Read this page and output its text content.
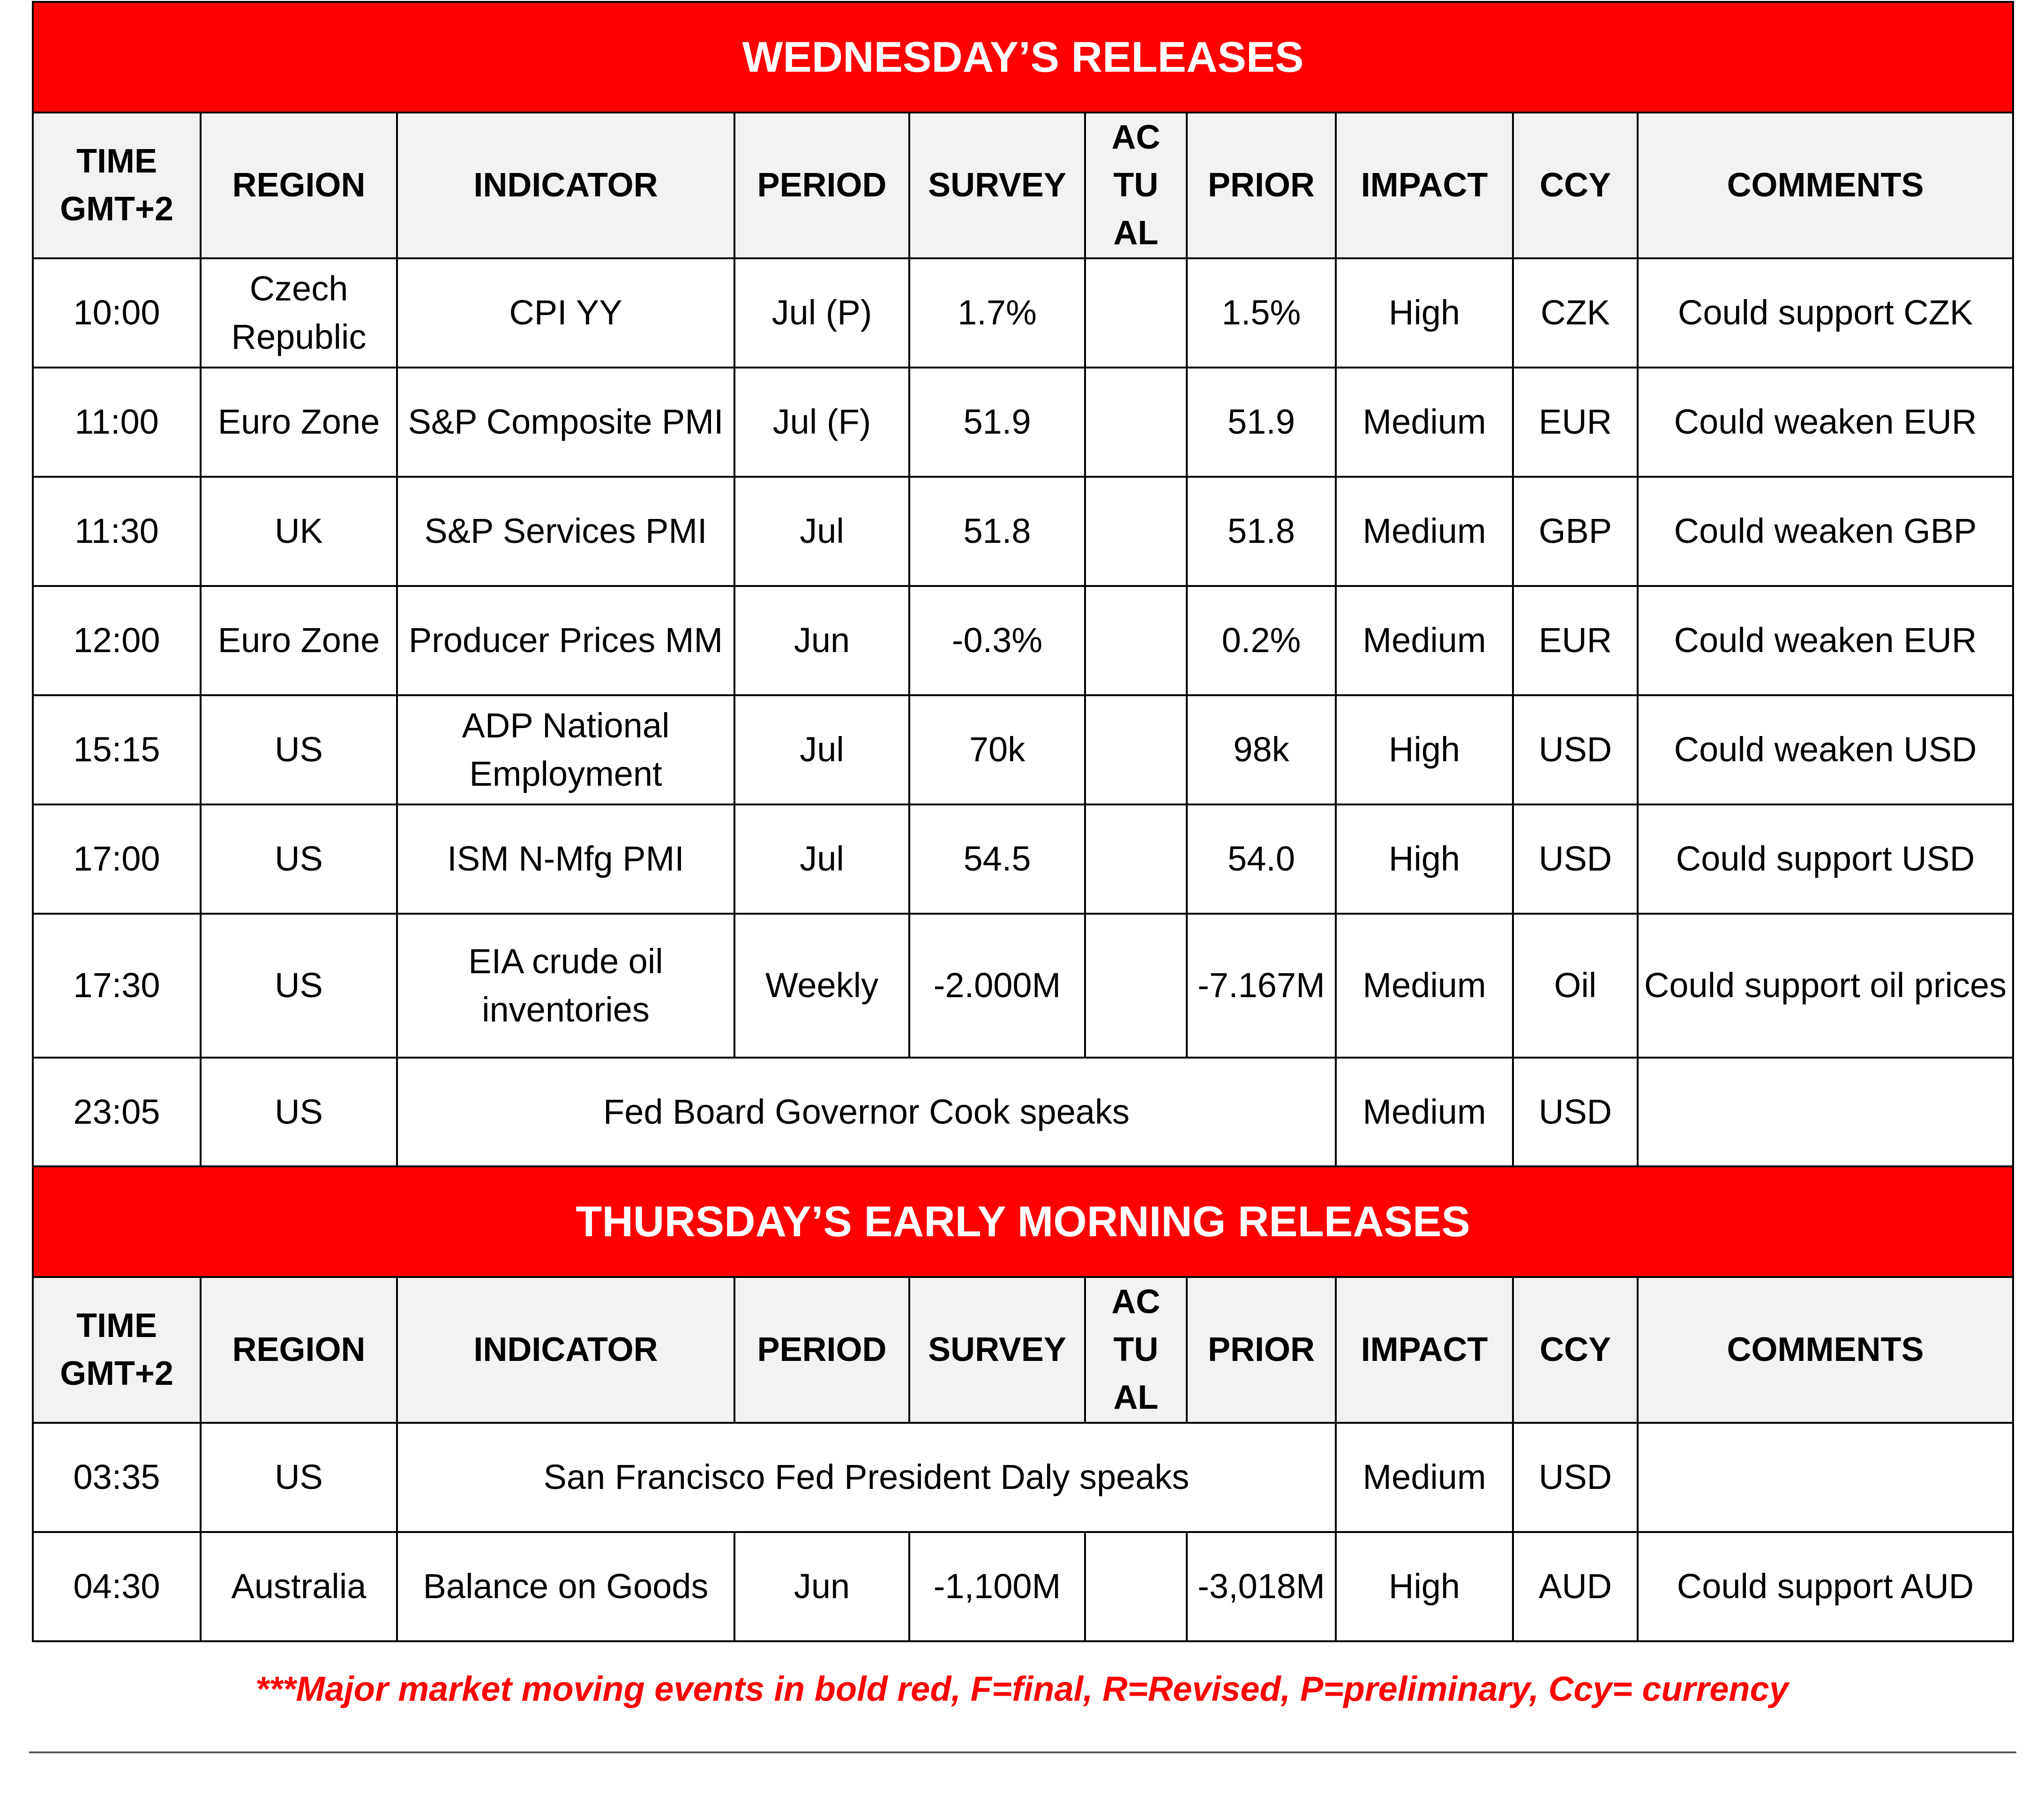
WEDNESDAY’S RELEASES									
TIME GMT+2	REGION	INDICATOR	PERIOD	SURVEY	AC TU AL	PRIOR	IMPACT	CCY	COMMENTS
10:00	Czech Republic	CPI YY	Jul (P)	1.7%		1.5%	High	CZK	Could support CZK
11:00	Euro Zone	S&P Composite PMI	Jul (F)	51.9		51.9	Medium	EUR	Could weaken EUR
11:30	UK	S&P Services PMI	Jul	51.8		51.8	Medium	GBP	Could weaken GBP
12:00	Euro Zone	Producer Prices MM	Jun	-0.3%		0.2%	Medium	EUR	Could weaken EUR
15:15	US	ADP National Employment	Jul	70k		98k	High	USD	Could weaken USD
17:00	US	ISM N-Mfg PMI	Jul	54.5		54.0	High	USD	Could support USD
17:30	US	EIA crude oil inventories	Weekly	-2.000M		-7.167M	Medium	Oil	Could support oil prices
23:05	US	Fed Board Governor Cook speaks					Medium	USD	
THURSDAY’S EARLY MORNING RELEASES									
TIME GMT+2	REGION	INDICATOR	PERIOD	SURVEY	AC TU AL	PRIOR	IMPACT	CCY	COMMENTS
03:35	US	San Francisco Fed President Daly speaks					Medium	USD	
04:30	Australia	Balance on Goods	Jun	-1,100M		-3,018M	High	AUD	Could support AUD
***Major market moving events in bold red, F=final, R=Revised, P=preliminary, Ccy= currency
